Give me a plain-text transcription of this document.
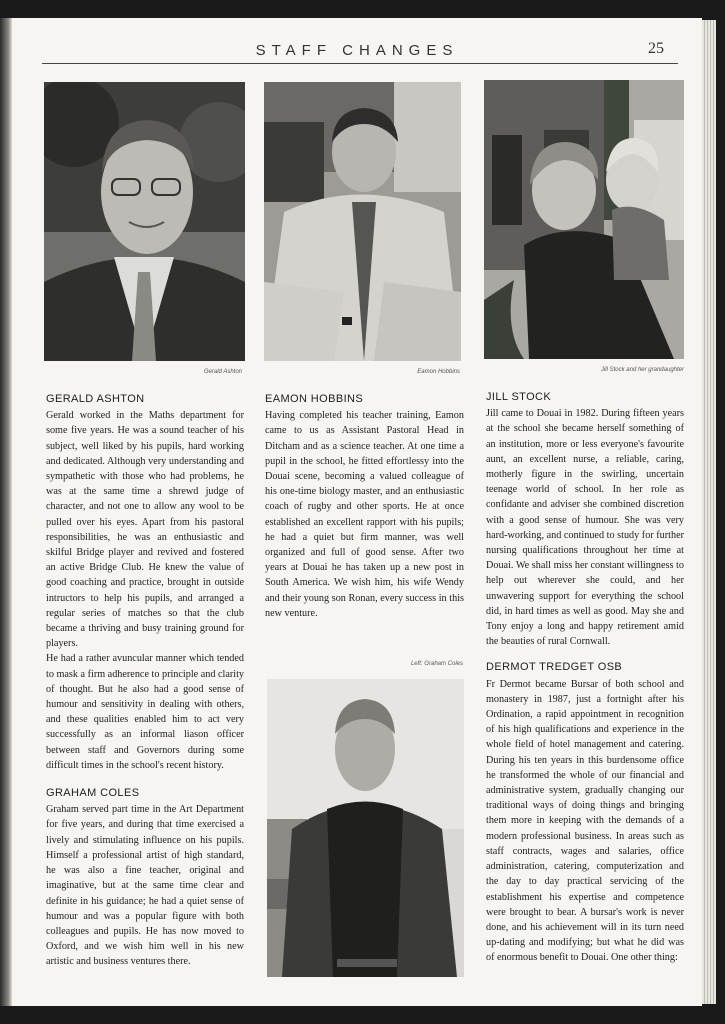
STAFF CHANGES	25
Gerald Ashton	Eamon Hobbins	Jill Stock and her grandaughter
Left: Graham Coles
GERALD ASHTON

Gerald worked in the Maths department for some five years. He was a sound teacher of his subject, well liked by his pupils, hard working and dedicated. Although very understanding and sympathetic with those who had problems, he was at the same time a shrewd judge of character, and not one to allow any wool to be pulled over his eyes. Apart from his pastoral responsibilities, he was an enthusiastic and skilful Bridge player and revived and fostered an active Bridge Club. He knew the value of good coaching and practice, brought in outside intructors to help his pupils, and arranged a regular series of matches so that the club became a thriving and busy training ground for players.

He had a rather avuncular manner which tended to mask a firm adherence to principle and clarity of thought. But he also had a good sense of humour and sensitivity in dealing with others, and these qualities enabled him to act very successfully as an informal liason officer between staff and Governors during some difficult times in the school's recent history.

GRAHAM COLES

Graham served part time in the Art Department for five years, and during that time exercised a lively and stimulating influence on his pupils. Himself a professional artist of high standard, he was also a fine teacher, original and imaginative, but at the same time clear and definite in his guidance; he had a quiet sense of humour and was a popular figure with both colleagues and pupils. He has now moved to Oxford, and we wish him well in his new artistic and business ventures there.

EAMON HOBBINS

Having completed his teacher training, Eamon came to us as Assistant Pastoral Head in Ditcham and as a science teacher. At one time a pupil in the school, he fitted effortlessy into the Douai scene, becoming a valued colleague of his one-time biology master, and an enthusiastic coach of rugby and other sports. He at once established an excellent rapport with his pupils; he had a quiet but firm manner, was well organized and full of good sense. After two years at Douai he has taken up a new post in South America. We wish him, his wife Wendy and their young son Ronan, every success in this new venture.

JILL STOCK

Jill came to Douai in 1982. During fifteen years at the school she became herself something of an institution, more or less everyone's favourite aunt, an excellent nurse, a reliable, caring, motherly figure in the swirling, uncertain teenage world of school. In her role as confidante and adviser she combined discretion with a good sense of humour. She was very hard-working, and continued to study for further nursing qualifications throughout her time at Douai. We shall miss her constant willingness to help out wherever she could, and her unwavering support for everything the school did, in hard times as well as good. May she and Tony enjoy a long and happy retirement amid the beauties of rural Cornwall.

DERMOT TREDGET OSB

Fr Dermot became Bursar of both school and monastery in 1987, just a fortnight after his Ordination, a rapid appointment in recognition of his high qualifications and experience in the whole field of hotel management and catering. During his ten years in this burdensome office he transformed the whole of our financial and administrative system, gradually changing our traditional ways of doing things and bringing them more in keeping with the demands of a modern professional business. In areas such as staff contracts, wages and salaries, office administration, catering, computerization and the day to day practical servicing of the establishment his expertise and competence were brought to bear. A bursar's work is never done, and his achievement will in its turn need up-dating and modifying; but what he did was of enormous benefit to Douai. One other thing:
